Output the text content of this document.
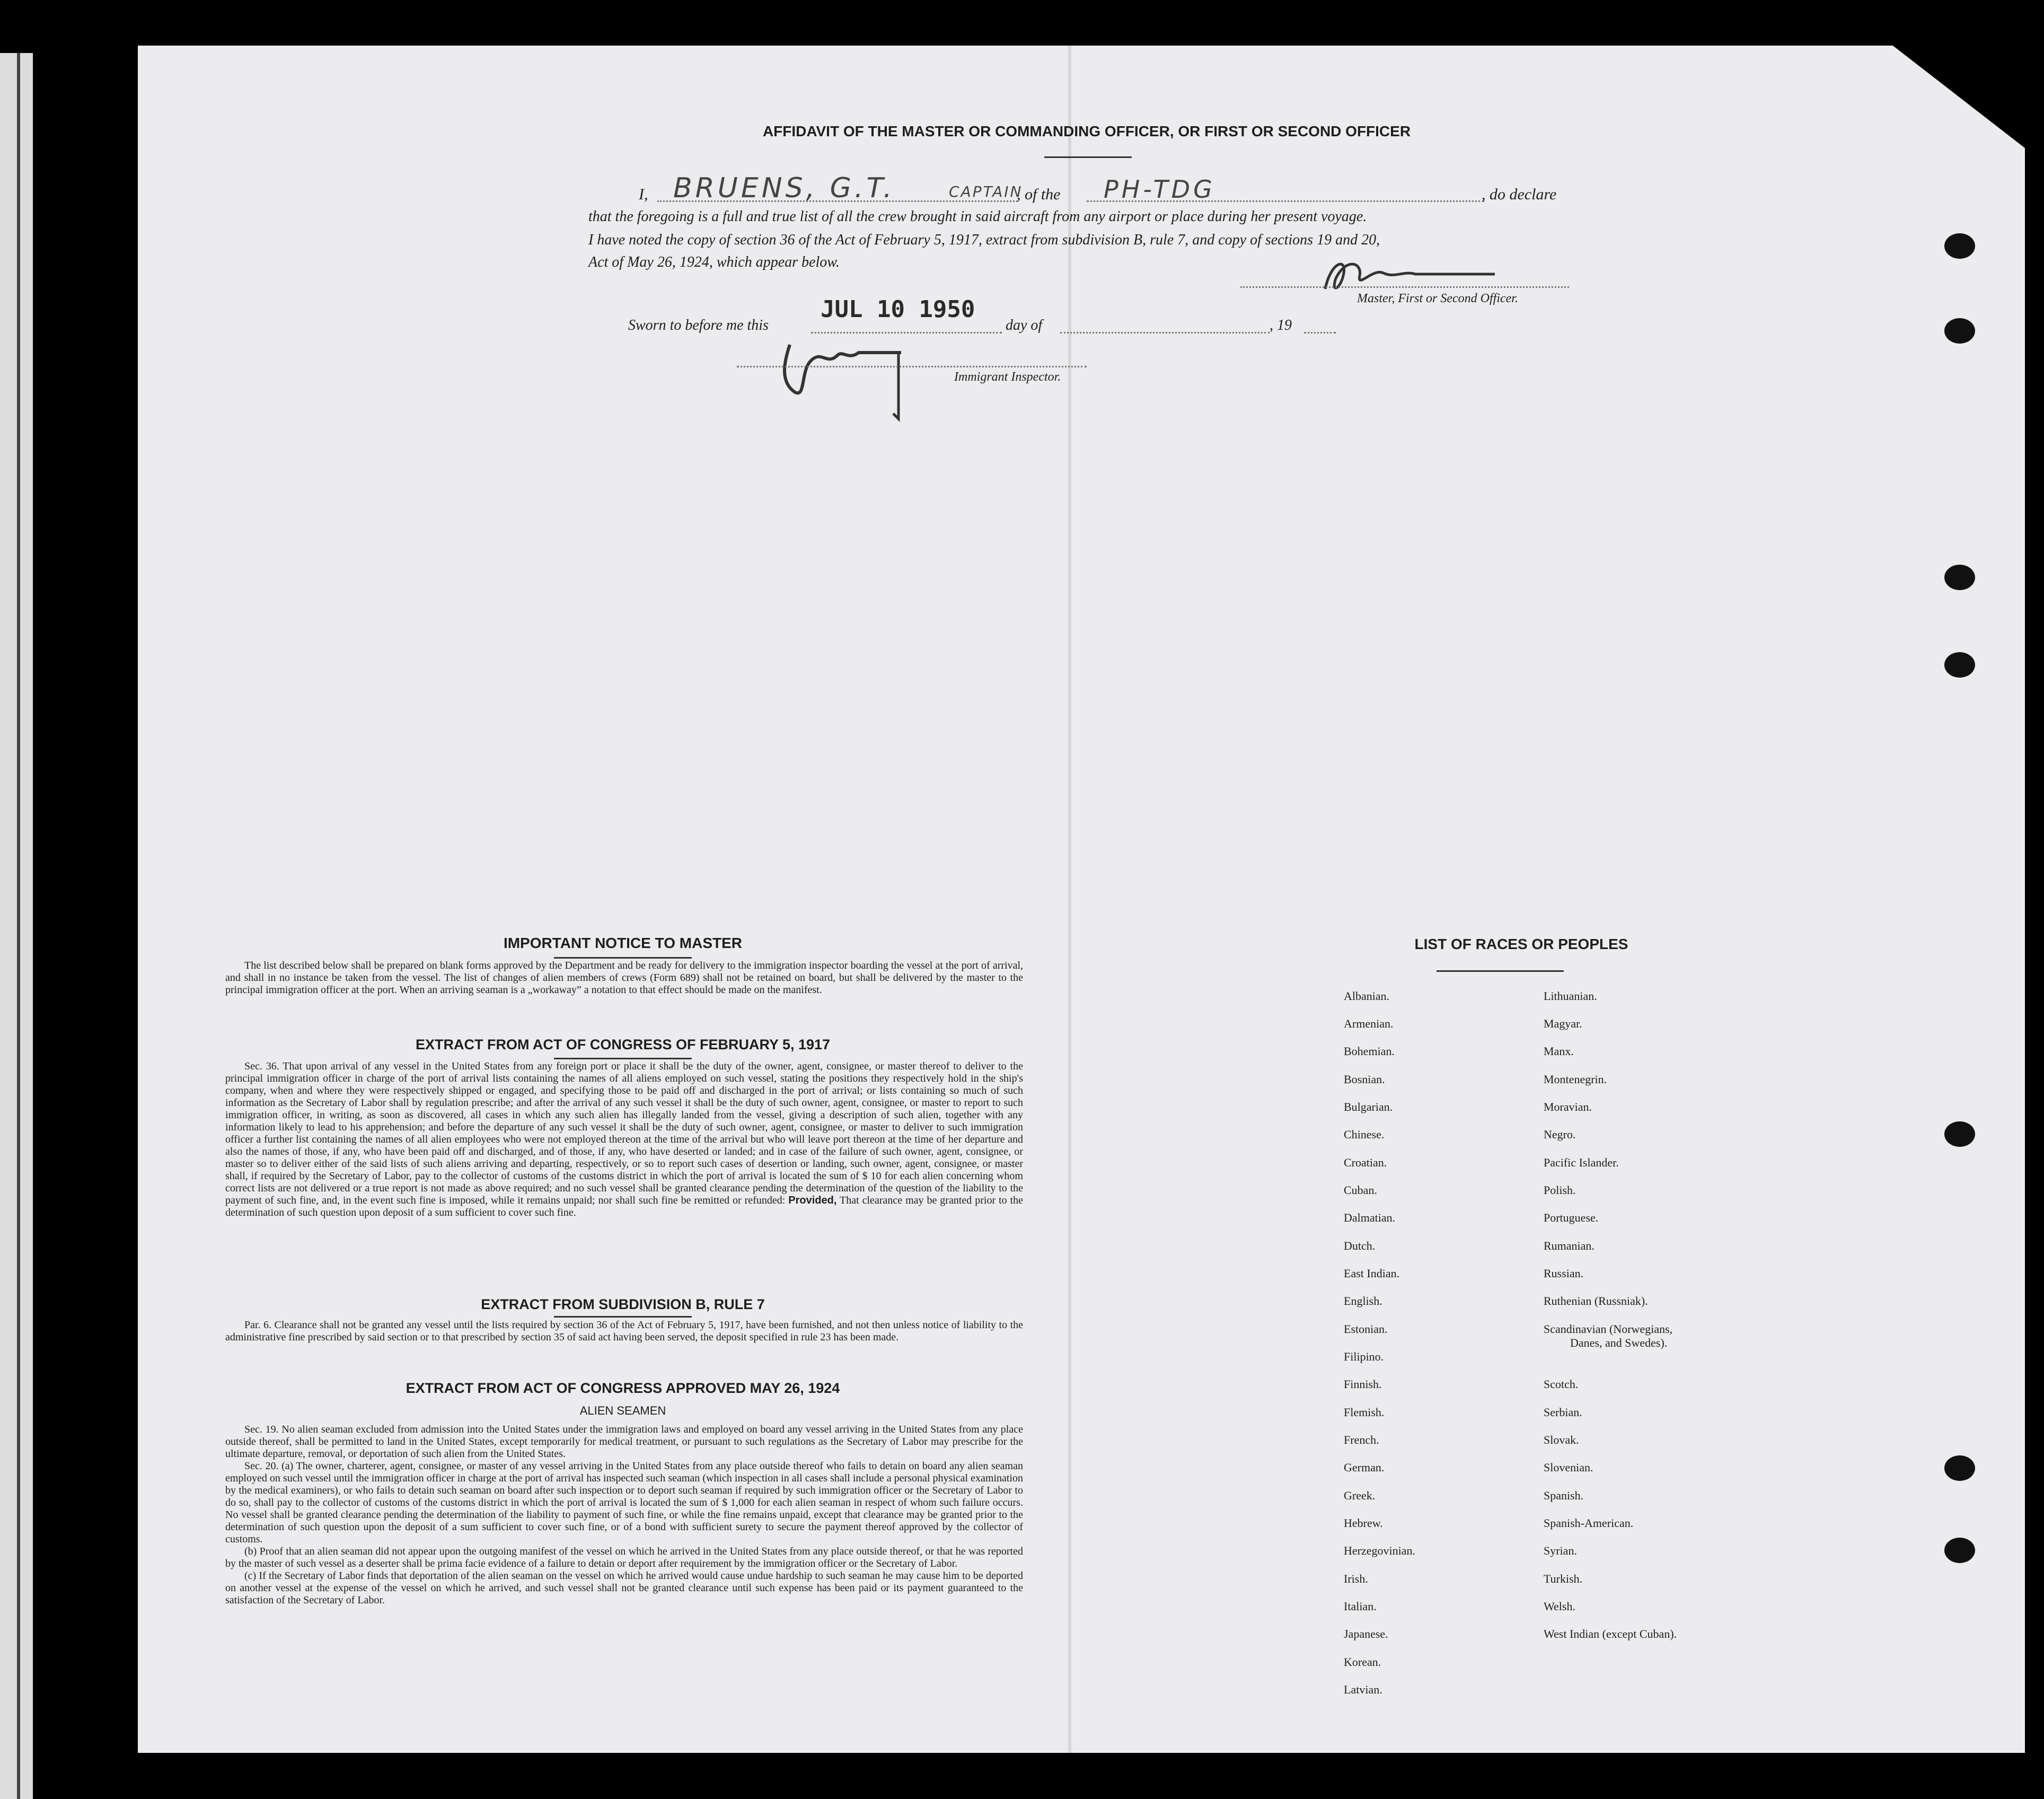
AFFIDAVIT OF THE MASTER OR COMMANDING OFFICER, OR FIRST OR SECOND OFFICER
I, BRUENS, G.T.	CAPTAIN
, of the PH-TDG	, do declare
that the foregoing is a full and true list of all the crew brought in said aircraft from any airport or place during her present voyage.
I have noted the copy of section 36 of the Act of February 5, 1917, extract from subdivision B, rule 7, and copy of sections 19 and 20,
Act of May 26, 1924, which appear below.
Master, First or Second Officer.
Sworn to before me this
JUL 10 1950
day of	, 19
Immigrant Inspector.
IMPORTANT NOTICE TO MASTER

The list described below shall be prepared on blank forms approved by the Department and be ready for delivery to the immigration inspector boarding the vessel at the port of arrival, and shall in no instance be taken from the vessel. The list of changes of alien members of crews (Form 689) shall not be retained on board, but shall be delivered by the master to the principal immigration officer at the port. When an arriving seaman is a „workaway” a notation to that effect should be made on the manifest.

EXTRACT FROM ACT OF CONGRESS OF FEBRUARY 5, 1917

Sec. 36. That upon arrival of any vessel in the United States from any foreign port or place it shall be the duty of the owner, agent, consignee, or master thereof to deliver to the principal immigration officer in charge of the port of arrival lists containing the names of all aliens employed on such vessel, stating the positions they respectively hold in the ship's company, when and where they were respectively shipped or engaged, and specifying those to be paid off and discharged in the port of arrival; or lists containing so much of such information as the Secretary of Labor shall by regulation prescribe; and after the arrival of any such vessel it shall be the duty of such owner, agent, consignee, or master to report to such immigration officer, in writing, as soon as discovered, all cases in which any such alien has illegally landed from the vessel, giving a description of such alien, together with any information likely to lead to his apprehension; and before the departure of any such vessel it shall be the duty of such owner, agent, consignee, or master to deliver to such immigration officer a further list containing the names of all alien employees who were not employed thereon at the time of the arrival but who will leave port thereon at the time of her departure and also the names of those, if any, who have been paid off and discharged, and of those, if any, who have deserted or landed; and in case of the failure of such owner, agent, consignee, or master so to deliver either of the said lists of such aliens arriving and departing, respectively, or so to report such cases of desertion or landing, such owner, agent, consignee, or master shall, if required by the Secretary of Labor, pay to the collector of customs of the customs district in which the port of arrival is located the sum of $ 10 for each alien concerning whom correct lists are not delivered or a true report is not made as above required; and no such vessel shall be granted clearance pending the determination of the question of the liability to the payment of such fine, and, in the event such fine is imposed, while it remains unpaid; nor shall such fine be remitted or refunded: Provided, That clearance may be granted prior to the determination of such question upon deposit of a sum sufficient to cover such fine.

EXTRACT FROM SUBDIVISION B, RULE 7

Par. 6. Clearance shall not be granted any vessel until the lists required by section 36 of the Act of February 5, 1917, have been furnished, and not then unless notice of liability to the administrative fine prescribed by said section or to that prescribed by section 35 of said act having been served, the deposit specified in rule 23 has been made.

EXTRACT FROM ACT OF CONGRESS APPROVED MAY 26, 1924
ALIEN SEAMEN

Sec. 19. No alien seaman excluded from admission into the United States under the immigration laws and employed on board any vessel arriving in the United States from any place outside thereof, shall be permitted to land in the United States, except temporarily for medical treatment, or pursuant to such regulations as the Secretary of Labor may prescribe for the ultimate departure, removal, or deportation of such alien from the United States.

Sec. 20. (a) The owner, charterer, agent, consignee, or master of any vessel arriving in the United States from any place outside thereof who fails to detain on board any alien seaman employed on such vessel until the immigration officer in charge at the port of arrival has inspected such seaman (which inspection in all cases shall include a personal physical examination by the medical examiners), or who fails to detain such seaman on board after such inspection or to deport such seaman if required by such immigration officer or the Secretary of Labor to do so, shall pay to the collector of customs of the customs district in which the port of arrival is located the sum of $ 1,000 for each alien seaman in respect of whom such failure occurs. No vessel shall be granted clearance pending the determination of the liability to payment of such fine, or while the fine remains unpaid, except that clearance may be granted prior to the determination of such question upon the deposit of a sum sufficient to cover such fine, or of a bond with sufficient surety to secure the payment thereof approved by the collector of customs.

(b) Proof that an alien seaman did not appear upon the outgoing manifest of the vessel on which he arrived in the United States from any place outside thereof, or that he was reported by the master of such vessel as a deserter shall be prima facie evidence of a failure to detain or deport after requirement by the immigration officer or the Secretary of Labor.

(c) If the Secretary of Labor finds that deportation of the alien seaman on the vessel on which he arrived would cause undue hardship to such seaman he may cause him to be deported on another vessel at the expense of the vessel on which he arrived, and such vessel shall not be granted clearance until such expense has been paid or its payment guaranteed to the satisfaction of the Secretary of Labor.

LIST OF RACES OR PEOPLES
Albanian.
Armenian.
Bohemian.
Bosnian.
Bulgarian.
Chinese.
Croatian.
Cuban.
Dalmatian.
Dutch.
East Indian.
English.
Estonian.
Filipino.
Finnish.
Flemish.
French.
German.
Greek.
Hebrew.
Herzegovinian.
Irish.
Italian.
Japanese.
Korean.
Latvian.
Lithuanian.
Magyar.
Manx.
Montenegrin.
Moravian.
Negro.
Pacific Islander.
Polish.
Portuguese.
Rumanian.
Russian.
Ruthenian (Russniak).
Scandinavian (Norwegians,
Danes, and Swedes).
Scotch.
Serbian.
Slovak.
Slovenian.
Spanish.
Spanish-American.
Syrian.
Turkish.
Welsh.
West Indian (except Cuban).
